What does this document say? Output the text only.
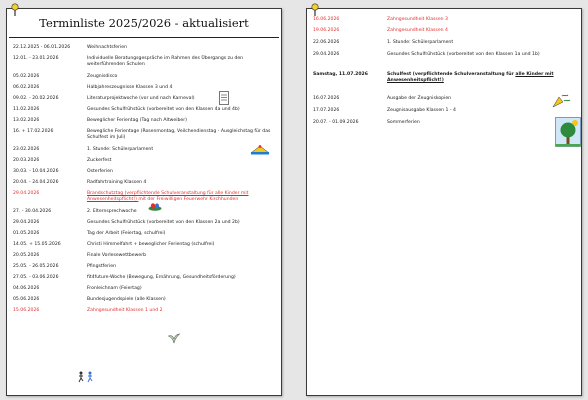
Terminliste 2025/2026 - aktualisiert
22.12.2025 - 06.01.2026	Weihnachtsferien
12.01. - 23.01.2026	Individuelle Beratungsgespräche im Rahmen des Übergangs zu den weiterführenden Schulen
05.02.2026	Zeugnisdisco
06.02.2026	Halbjahreszeugnisse Klassen 3 und 4
09.02. - 20.02.2026	Literaturprojektwoche (vor und nach Karneval)
11.02.2026	Gesundes Schulfrühstück (vorbereitet von den Klassen 4a und 4b)
13.02.2026	Beweglicher Ferientag (Tag nach Altweiber)
16. + 17.02.2026	Bewegliche Ferientage (Rosenmontag, Veilchendienstag - Ausgleichstag für das Schulfest im Juli)
23.02.2026	1. Stunde: Schülerparlament
20.03.2026	Zuckerfest
30.03. - 10.04.2026	Osterferien
20.04. - 24.04.2026	Radfahrtraining Klassen 4
29.04.2026	Brandschutztag (verpflichtende Schulveranstaltung für alle Kinder mit Anwesenheitspflicht!) mit der Freiwilligen Feuerwehr Kirchhunden
27. - 30.04.2026	2. Elternsprechwoche
29.04.2026	Gesundes Schulfrühstück (vorbereitet von den Klassen 2a und 2b)
01.05.2026	Tag der Arbeit (Feiertag, schulfrei)
14.05. + 15.05.2026	Christi Himmelfahrt + beweglicher Ferientag (schulfrei)
20.05.2026	Finale Vorlesewettbewerb
25.05. - 26.05.2026	Pfingstferien
27.05. - 03.06.2026	fit4future-Woche (Bewegung, Ernährung, Gesundheitsförderung)
04.06.2026	Fronleichnam (Feiertag)
05.06.2026	Bundesjugendspiele (alle Klassen)
15.06.2026	Zahngesundheit Klassen 1 und 2
16.06.2026	Zahngesundheit Klassen 3
19.06.2026	Zahngesundheit Klassen 4
22.06.2026	1. Stunde: Schülerparlament
29.04.2026	Gesundes Schulfrühstück (vorbereitet von den Klassen 1a und 1b)
Samstag, 11.07.2026	Schulfest (verpflichtende Schulveranstaltung für alle Kinder mit Anwesenheitspflicht!)
16.07.2026	Ausgabe der Zeugniskopien
17.07.2026	Zeugnisausgabe Klassen 1 - 4
20.07. - 01.09.2026	Sommerferien
